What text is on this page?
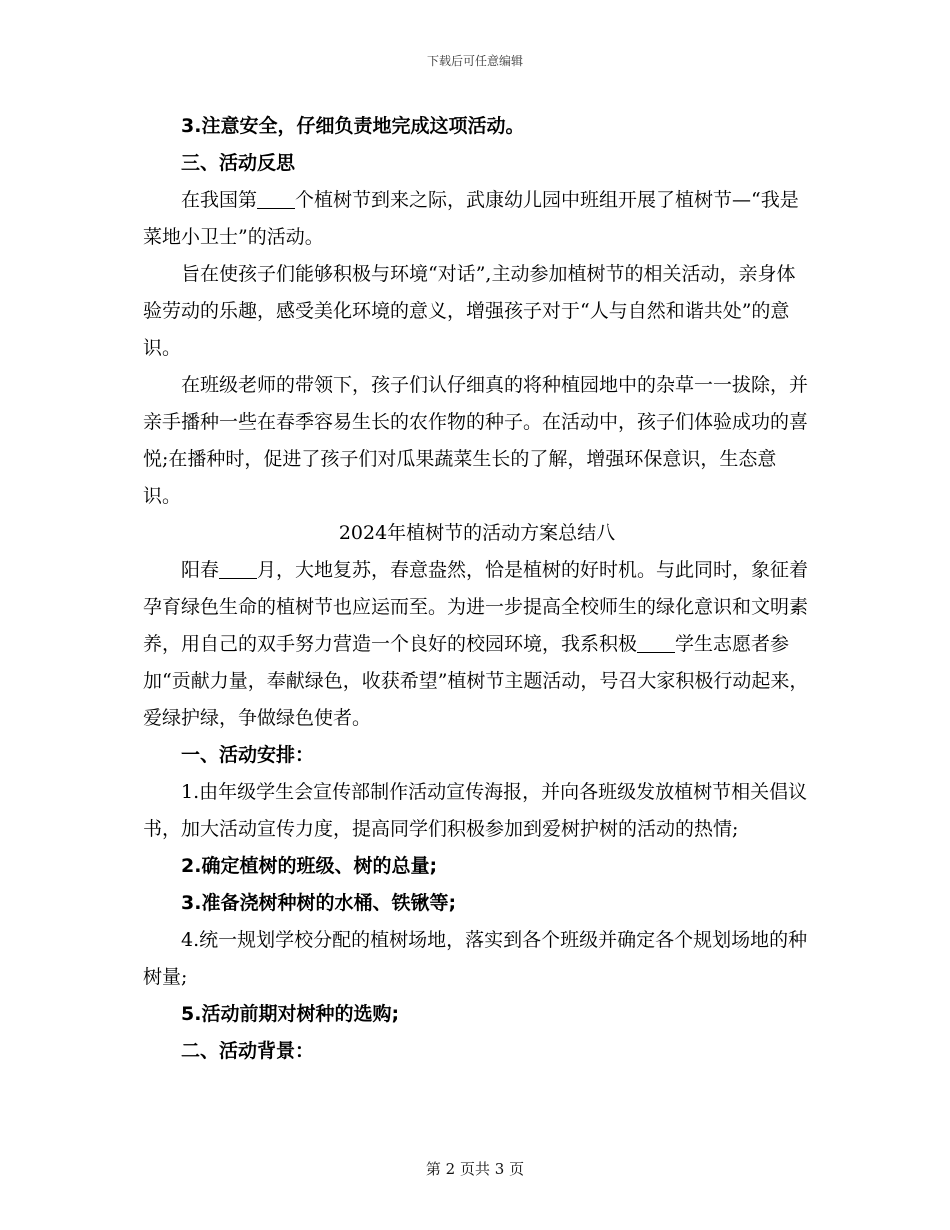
下载后可任意编辑

3.注意安全，仔细负责地完成这项活动。

三、活动反思

在我国第 个植树节到来之际，武康幼儿园中班组开展了植树节—“我是菜地小卫士”的活动。

旨在使孩子们能够积极与环境“对话”,主动参加植树节的相关活动，亲身体验劳动的乐趣，感受美化环境的意义，增强孩子对于“人与自然和谐共处”的意识。

在班级老师的带领下，孩子们认仔细真的将种植园地中的杂草一一拔除，并亲手播种一些在春季容易生长的农作物的种子。在活动中，孩子们体验成功的喜悦;在播种时，促进了孩子们对瓜果蔬菜生长的了解，增强环保意识，生态意识。

2024年植树节的活动方案总结八

阳春 月，大地复苏，春意盎然，恰是植树的好时机。与此同时，象征着孕育绿色生命的植树节也应运而至。为进一步提高全校师生的绿化意识和文明素养，用自己的双手努力营造一个良好的校园环境，我系积极 学生志愿者参加“贡献力量，奉献绿色，收获希望”植树节主题活动，号召大家积极行动起来，爱绿护绿，争做绿色使者。

一、活动安排：

1.由年级学生会宣传部制作活动宣传海报，并向各班级发放植树节相关倡议书，加大活动宣传力度，提高同学们积极参加到爱树护树的活动的热情;

2.确定植树的班级、树的总量;

3.准备浇树种树的水桶、铁锹等;

4.统一规划学校分配的植树场地，落实到各个班级并确定各个规划场地的种树量;

5.活动前期对树种的选购;

二、活动背景：

第 2 页共 3 页
